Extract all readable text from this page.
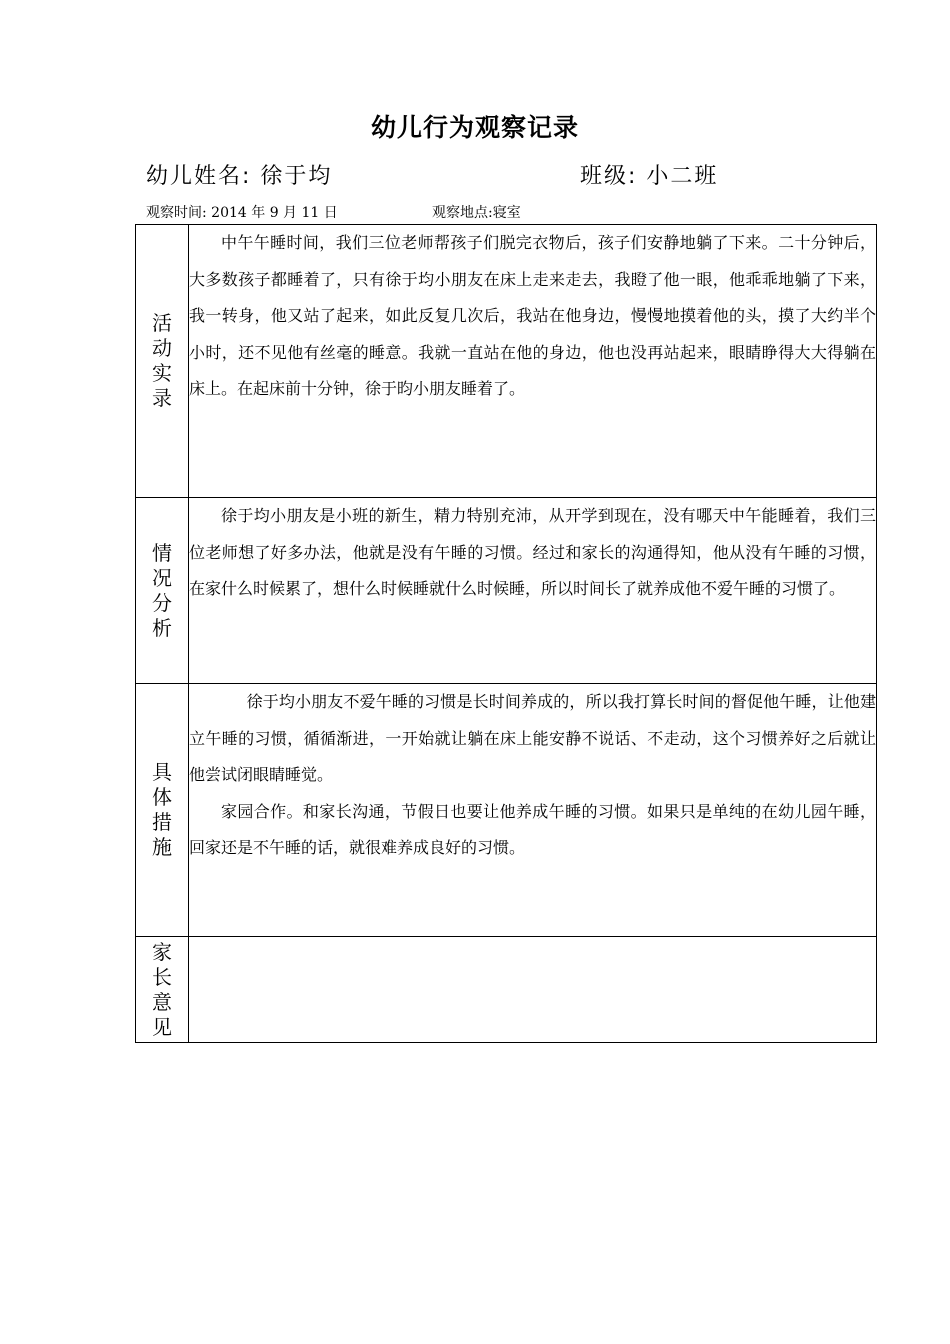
幼儿行为观察记录
幼儿姓名: 徐于均	班级: 小二班
观察时间: 2014 年 9 月 11 日	观察地点:寝室
活动实录	中午午睡时间，我们三位老师帮孩子们脱完衣物后，孩子们安静地躺了下来。二十分钟后，大多数孩子都睡着了，只有徐于均小朋友在床上走来走去，我瞪了他一眼，他乖乖地躺了下来，我一转身，他又站了起来，如此反复几次后，我站在他身边，慢慢地摸着他的头，摸了大约半个小时，还不见他有丝毫的睡意。我就一直站在他的身边，他也没再站起来，眼睛睁得大大得躺在床上。在起床前十分钟，徐于昀小朋友睡着了。

情况分析	徐于均小朋友是小班的新生，精力特别充沛，从开学到现在，没有哪天中午能睡着，我们三位老师想了好多办法，他就是没有午睡的习惯。经过和家长的沟通得知，他从没有午睡的习惯，在家什么时候累了，想什么时候睡就什么时候睡，所以时间长了就养成他不爱午睡的习惯了。

具体措施	徐于均小朋友不爱午睡的习惯是长时间养成的，所以我打算长时间的督促他午睡，让他建立午睡的习惯，循循渐进，一开始就让躺在床上能安静不说话、不走动，这个习惯养好之后就让他尝试闭眼睛睡觉。

家园合作。和家长沟通，节假日也要让他养成午睡的习惯。如果只是单纯的在幼儿园午睡，回家还是不午睡的话，就很难养成良好的习惯。

家长意见	
